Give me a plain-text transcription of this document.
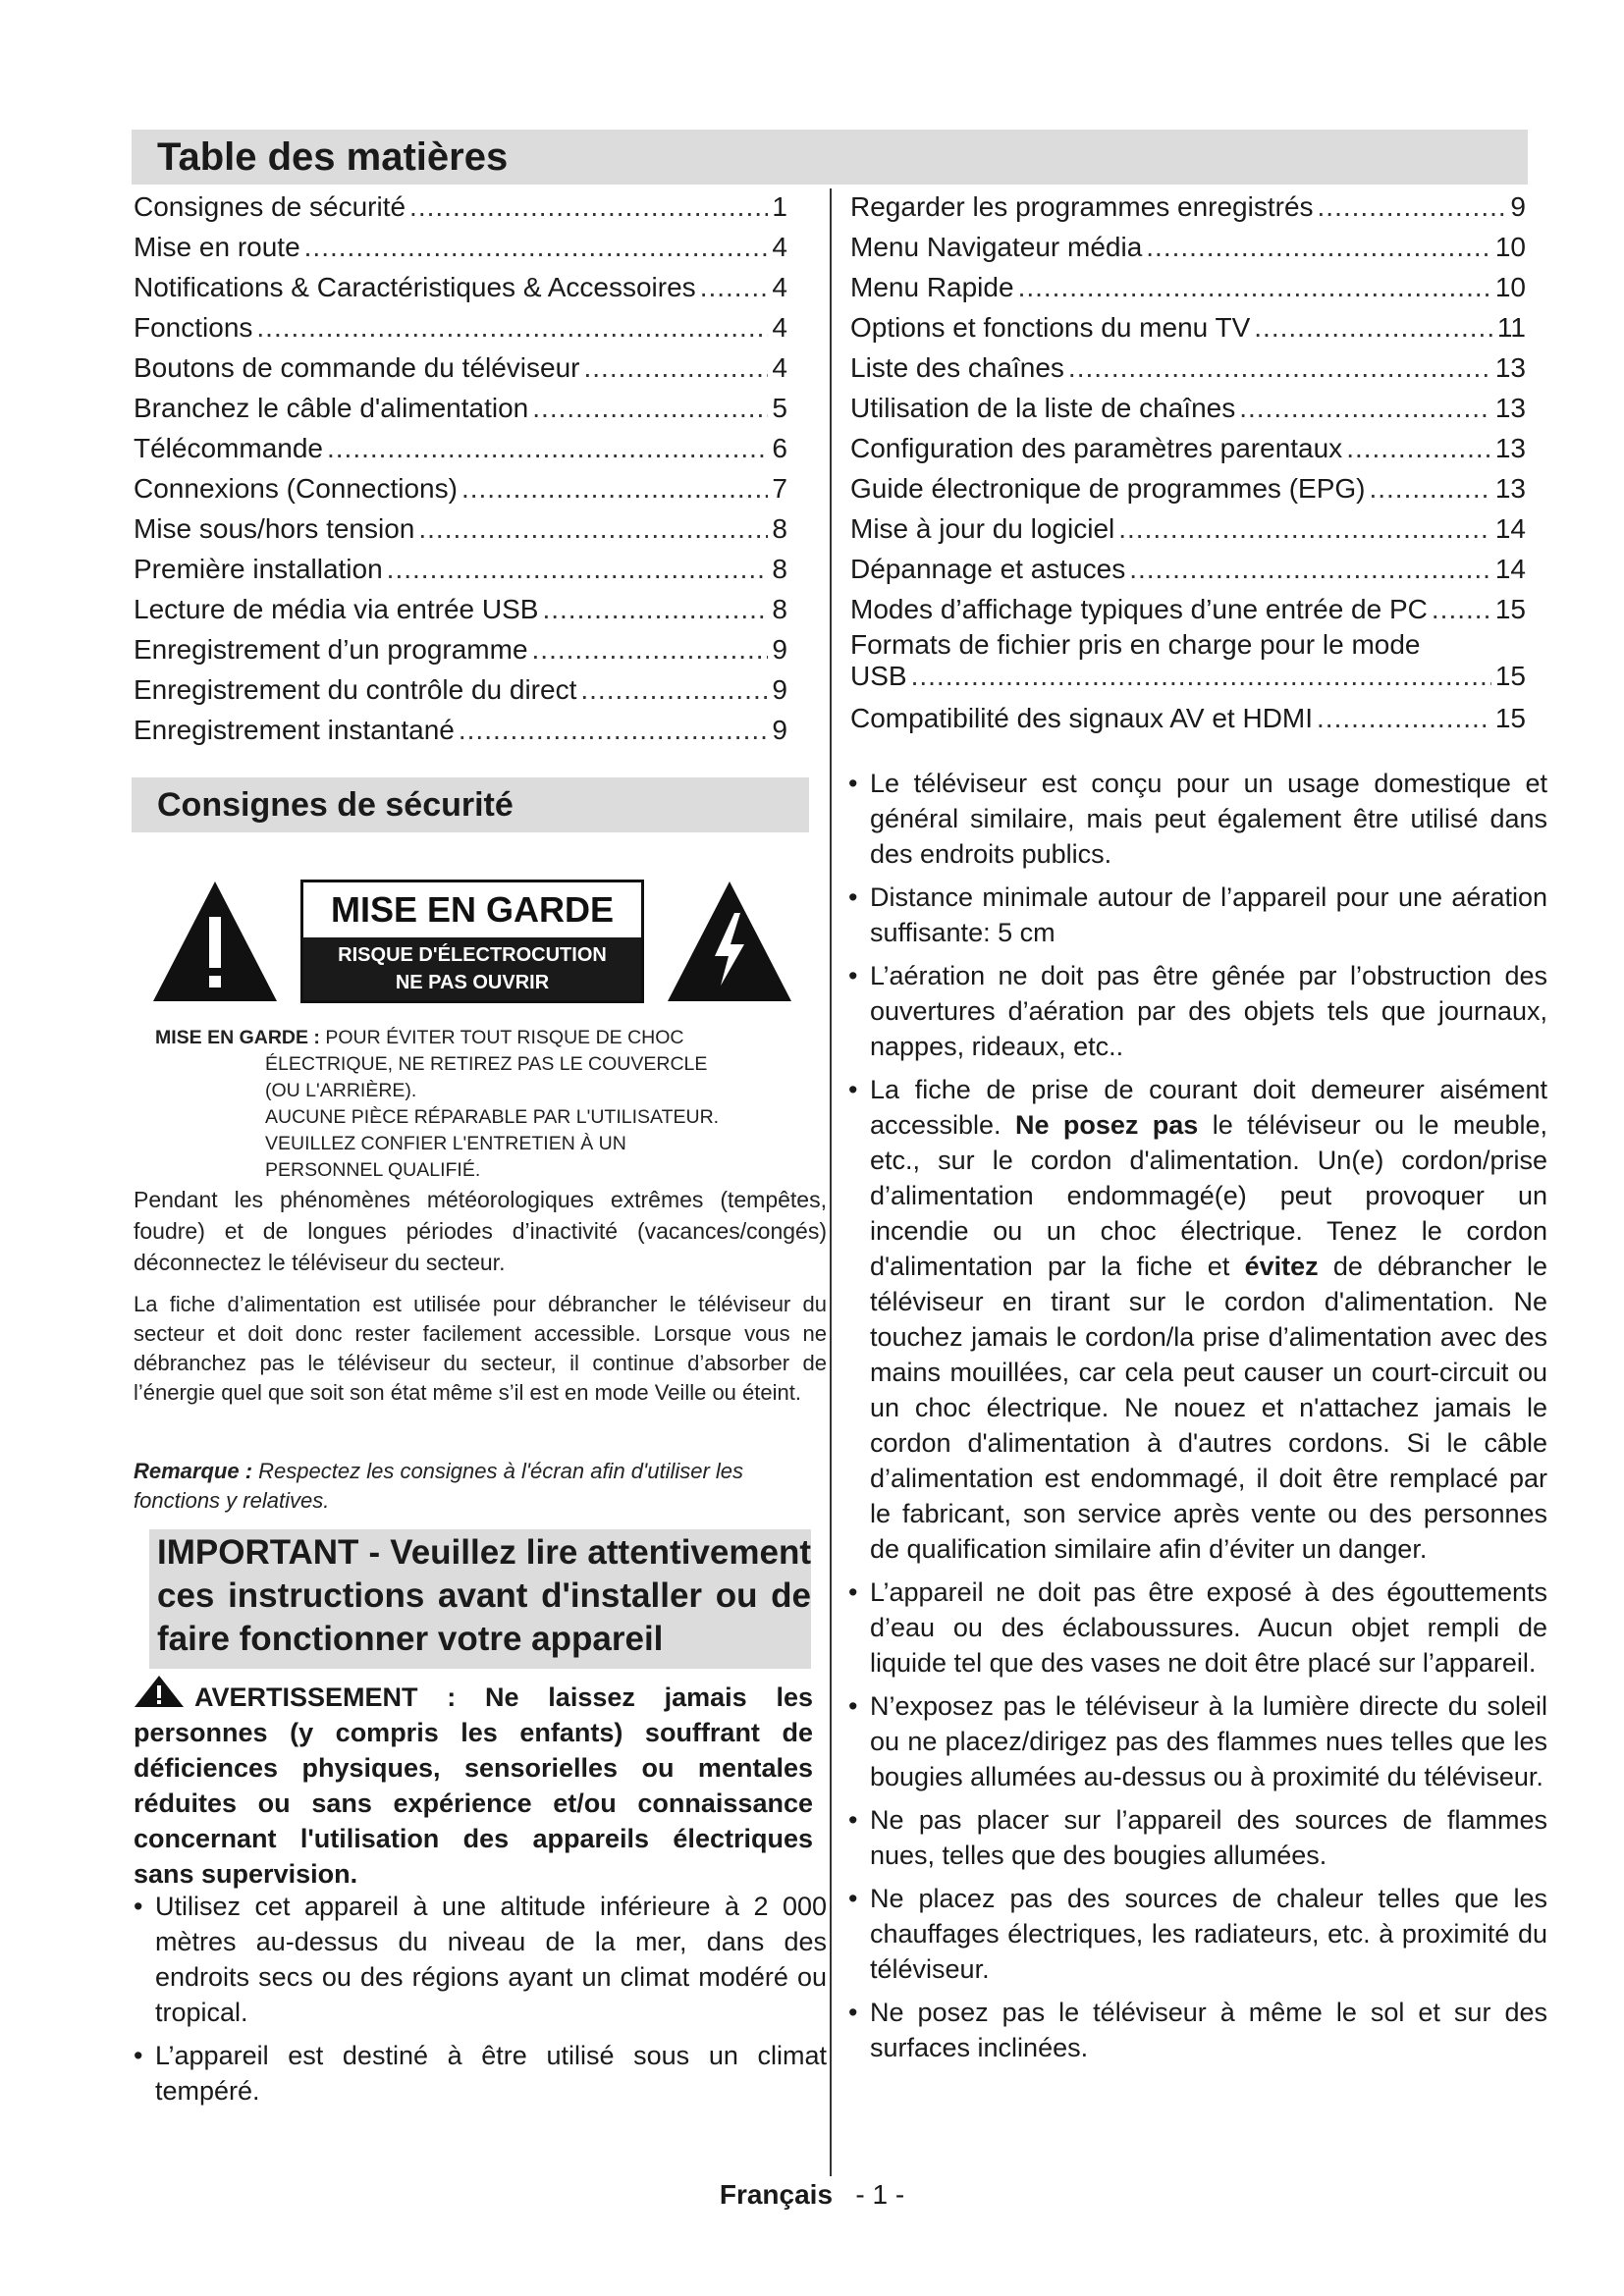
Table des matières
Consignes de sécurité .....	1
Mise en route .....	4
Notifications & Caractéristiques & Accessoires .....	4
Fonctions .....	4
Boutons de commande du téléviseur .....	4
Branchez le câble d'alimentation .....	5
Télécommande .....	6
Connexions (Connections) .....	7
Mise sous/hors tension .....	8
Première installation .....	8
Lecture de média via entrée USB .....	8
Enregistrement d’un programme .....	9
Enregistrement du contrôle du direct .....	9
Enregistrement instantané .....	9
Regarder les programmes enregistrés .....	9
Menu Navigateur média .....	10
Menu Rapide .....	10
Options et fonctions du menu TV .....	11
Liste des chaînes .....	13
Utilisation de la liste de chaînes .....	13
Configuration des paramètres parentaux .....	13
Guide électronique de programmes (EPG) .....	13
Mise à jour du logiciel .....	14
Dépannage et astuces .....	14
Modes d’affichage typiques d’une entrée de PC ..... 15
Formats de fichier pris en charge pour le mode
USB .....	15
Compatibilité des signaux AV et HDMI .....	15
Consignes de sécurité
MISE EN GARDE
RISQUE D'ÉLECTROCUTION
NE PAS OUVRIR
MISE EN GARDE : POUR ÉVITER TOUT RISQUE DE CHOC
ÉLECTRIQUE, NE RETIREZ PAS LE COUVERCLE
(OU L'ARRIÈRE).
AUCUNE PIÈCE RÉPARABLE PAR L'UTILISATEUR.
VEUILLEZ CONFIER L'ENTRETIEN À UN
PERSONNEL QUALIFIÉ.
Pendant les phénomènes météorologiques extrêmes (tempêtes, foudre) et de longues périodes d’inactivité (vacances/congés) déconnectez le téléviseur du secteur.
La fiche d’alimentation est utilisée pour débrancher le téléviseur du secteur et doit donc rester facilement accessible. Lorsque vous ne débranchez pas le téléviseur du secteur, il continue d’absorber de l’énergie quel que soit son état même s’il est en mode Veille ou éteint.
Remarque : Respectez les consignes à l'écran afin d'utiliser les fonctions y relatives.
IMPORTANT - Veuillez lire attentivement ces instructions avant d'installer ou de faire fonctionner votre appareil
AVERTISSEMENT : Ne laissez jamais les personnes (y compris les enfants) souffrant de déficiences physiques, sensorielles ou mentales réduites ou sans expérience et/ou connaissance concernant l'utilisation des appareils électriques sans supervision.
• Utilisez cet appareil à une altitude inférieure à 2 000 mètres au-dessus du niveau de la mer, dans des endroits secs ou des régions ayant un climat modéré ou tropical.
• L’appareil est destiné à être utilisé sous un climat tempéré.
• Le téléviseur est conçu pour un usage domestique et général similaire, mais peut également être utilisé dans des endroits publics.
• Distance minimale autour de l’appareil pour une aération suffisante: 5 cm
• L’aération ne doit pas être gênée par l’obstruction des ouvertures d’aération par des objets tels que journaux, nappes, rideaux, etc..
• La fiche de prise de courant doit demeurer aisément accessible. Ne posez pas le téléviseur ou le meuble, etc., sur le cordon d'alimentation. Un(e) cordon/prise d’alimentation endommagé(e) peut provoquer un incendie ou un choc électrique. Tenez le cordon d'alimentation par la fiche et évitez de débrancher le téléviseur en tirant sur le cordon d'alimentation. Ne touchez jamais le cordon/la prise d’alimentation avec des mains mouillées, car cela peut causer un court-circuit ou un choc électrique. Ne nouez et n'attachez jamais le cordon d'alimentation à d'autres cordons. Si le câble d’alimentation est endommagé, il doit être remplacé par le fabricant, son service après vente ou des personnes de qualification similaire afin d’éviter un danger.
• L’appareil ne doit pas être exposé à des égouttements d’eau ou des éclaboussures. Aucun objet rempli de liquide tel que des vases ne doit être placé sur l’appareil.
• N’exposez pas le téléviseur à la lumière directe du soleil ou ne placez/dirigez pas des flammes nues telles que les bougies allumées au-dessus ou à proximité du téléviseur.
• Ne pas placer sur l’appareil des sources de flammes nues, telles que des bougies allumées.
• Ne placez pas des sources de chaleur telles que les chauffages électriques, les radiateurs, etc. à proximité du téléviseur.
• Ne posez pas le téléviseur à même le sol et sur des surfaces inclinées.
Français - 1 -
